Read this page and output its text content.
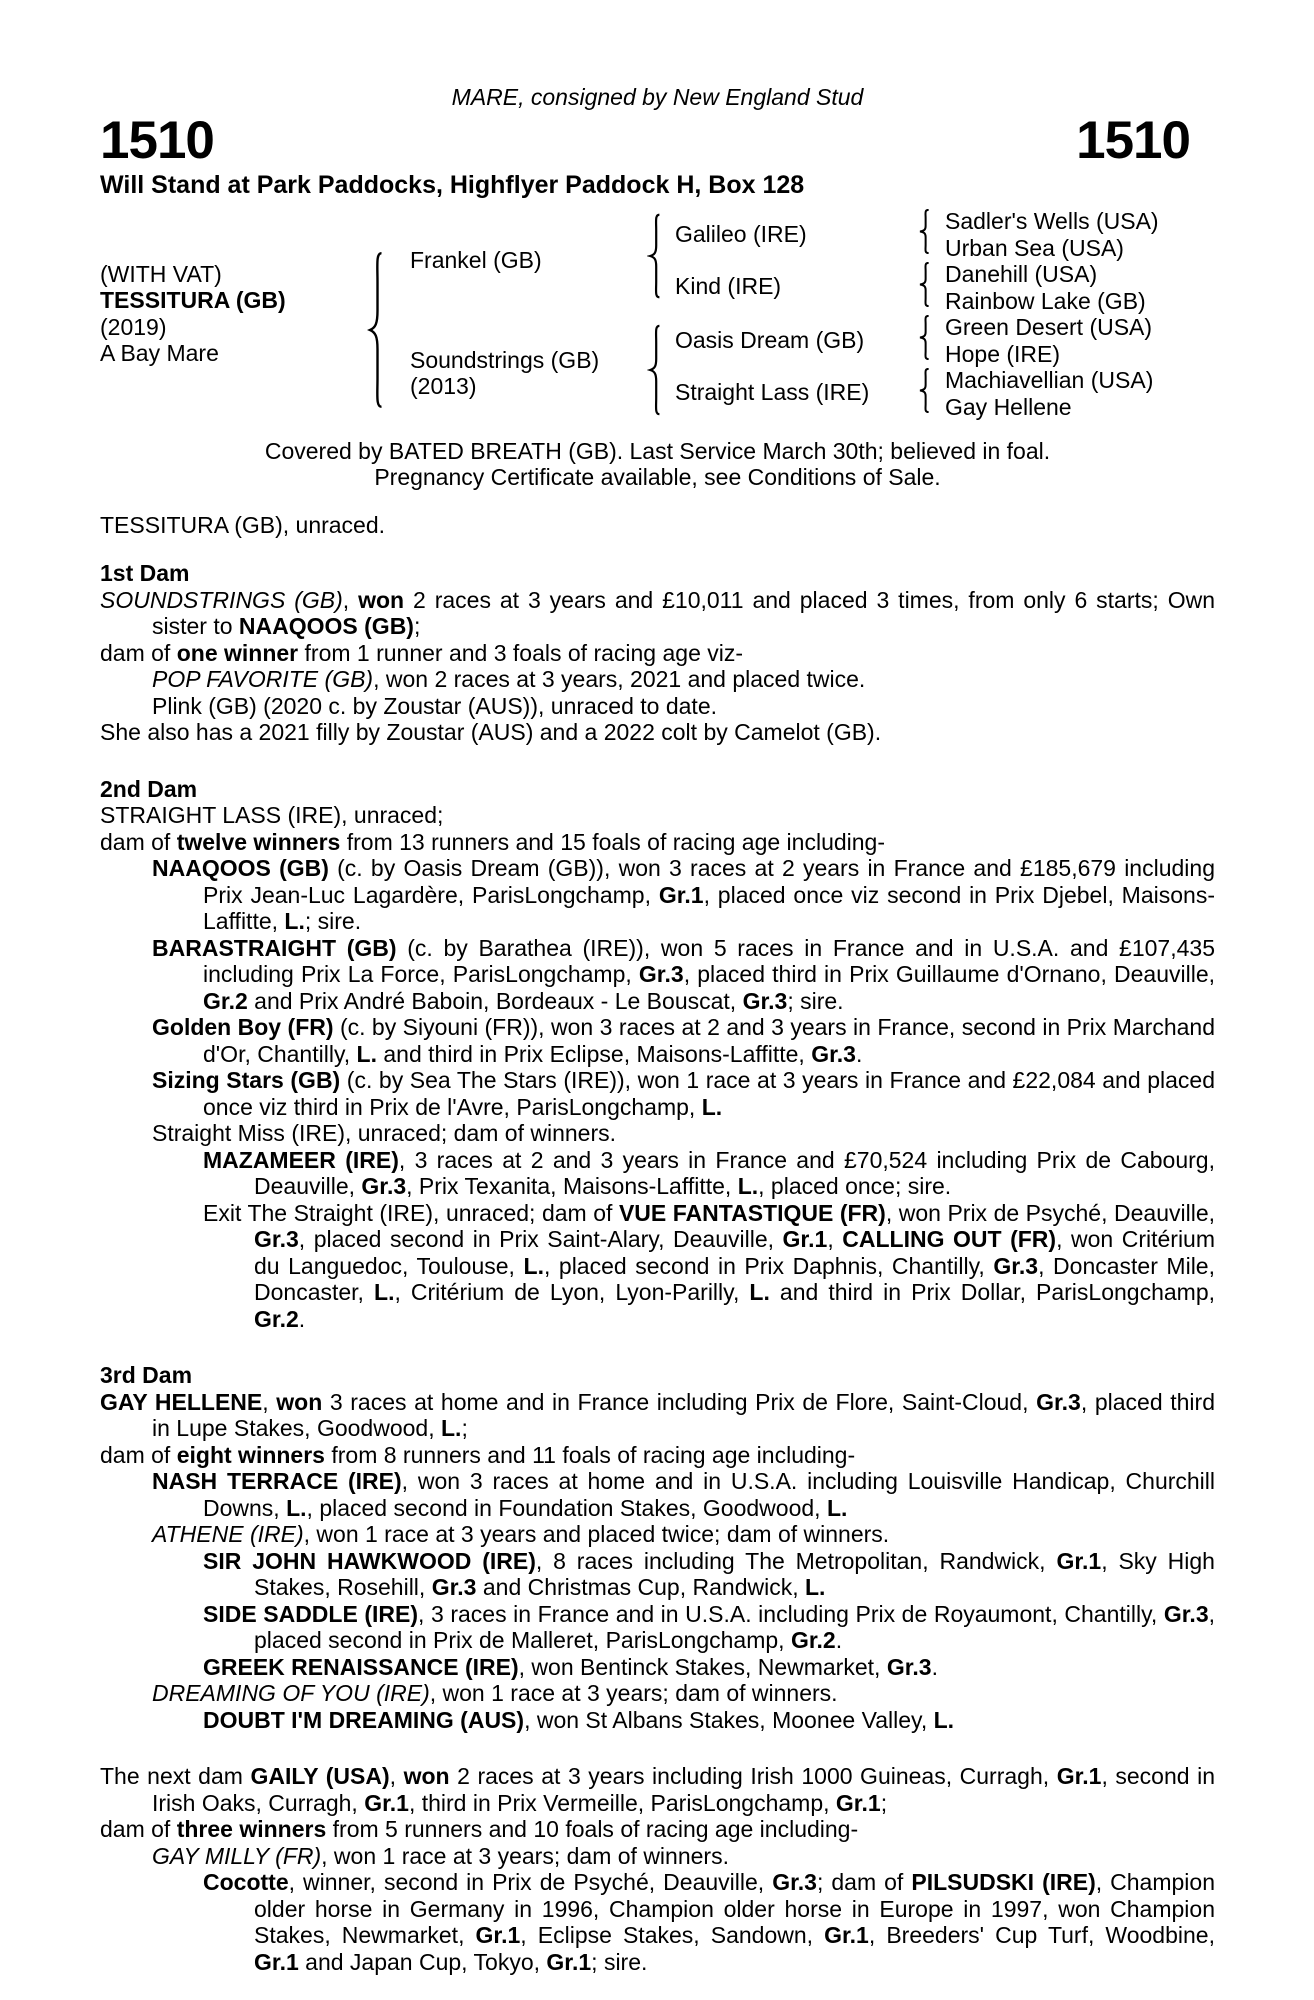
MARE, consigned by New England Stud
1510	1510
Will Stand at Park Paddocks, Highflyer Paddock H, Box 128
(WITH VAT)
TESSITURA (GB)
(2019)
A Bay Mare
Frankel (GB)
Soundstrings (GB)
(2013)
Galileo (IRE)
Kind (IRE)
Oasis Dream (GB)
Straight Lass (IRE)
Sadler's Wells (USA)
Urban Sea (USA)
Danehill (USA)
Rainbow Lake (GB)
Green Desert (USA)
Hope (IRE)
Machiavellian (USA)
Gay Hellene
Covered by BATED BREATH (GB). Last Service March 30th; believed in foal.
Pregnancy Certificate available, see Conditions of Sale.
TESSITURA (GB), unraced.
1st Dam
SOUNDSTRINGS (GB), won 2 races at 3 years and £10,011 and placed 3 times, from only 6 starts; Own sister to NAAQOOS (GB);
dam of one winner from 1 runner and 3 foals of racing age viz-
POP FAVORITE (GB), won 2 races at 3 years, 2021 and placed twice.
Plink (GB) (2020 c. by Zoustar (AUS)), unraced to date.
She also has a 2021 filly by Zoustar (AUS) and a 2022 colt by Camelot (GB).
2nd Dam
STRAIGHT LASS (IRE), unraced;
dam of twelve winners from 13 runners and 15 foals of racing age including-
NAAQOOS (GB) (c. by Oasis Dream (GB)), won 3 races at 2 years in France and £185,679 including Prix Jean-Luc Lagardère, ParisLongchamp, Gr.1, placed once viz second in Prix Djebel, Maisons-Laffitte, L.; sire.
BARASTRAIGHT (GB) (c. by Barathea (IRE)), won 5 races in France and in U.S.A. and £107,435 including Prix La Force, ParisLongchamp, Gr.3, placed third in Prix Guillaume d'Ornano, Deauville, Gr.2 and Prix André Baboin, Bordeaux - Le Bouscat, Gr.3; sire.
Golden Boy (FR) (c. by Siyouni (FR)), won 3 races at 2 and 3 years in France, second in Prix Marchand d'Or, Chantilly, L. and third in Prix Eclipse, Maisons-Laffitte, Gr.3.
Sizing Stars (GB) (c. by Sea The Stars (IRE)), won 1 race at 3 years in France and £22,084 and placed once viz third in Prix de l'Avre, ParisLongchamp, L.
Straight Miss (IRE), unraced; dam of winners.
MAZAMEER (IRE), 3 races at 2 and 3 years in France and £70,524 including Prix de Cabourg, Deauville, Gr.3, Prix Texanita, Maisons-Laffitte, L., placed once; sire.
Exit The Straight (IRE), unraced; dam of VUE FANTASTIQUE (FR), won Prix de Psyché, Deauville, Gr.3, placed second in Prix Saint-Alary, Deauville, Gr.1, CALLING OUT (FR), won Critérium du Languedoc, Toulouse, L., placed second in Prix Daphnis, Chantilly, Gr.3, Doncaster Mile, Doncaster, L., Critérium de Lyon, Lyon-Parilly, L. and third in Prix Dollar, ParisLongchamp, Gr.2.
3rd Dam
GAY HELLENE, won 3 races at home and in France including Prix de Flore, Saint-Cloud, Gr.3, placed third in Lupe Stakes, Goodwood, L.;
dam of eight winners from 8 runners and 11 foals of racing age including-
NASH TERRACE (IRE), won 3 races at home and in U.S.A. including Louisville Handicap, Churchill Downs, L., placed second in Foundation Stakes, Goodwood, L.
ATHENE (IRE), won 1 race at 3 years and placed twice; dam of winners.
SIR JOHN HAWKWOOD (IRE), 8 races including The Metropolitan, Randwick, Gr.1, Sky High Stakes, Rosehill, Gr.3 and Christmas Cup, Randwick, L.
SIDE SADDLE (IRE), 3 races in France and in U.S.A. including Prix de Royaumont, Chantilly, Gr.3, placed second in Prix de Malleret, ParisLongchamp, Gr.2.
GREEK RENAISSANCE (IRE), won Bentinck Stakes, Newmarket, Gr.3.
DREAMING OF YOU (IRE), won 1 race at 3 years; dam of winners.
DOUBT I'M DREAMING (AUS), won St Albans Stakes, Moonee Valley, L.
The next dam GAILY (USA), won 2 races at 3 years including Irish 1000 Guineas, Curragh, Gr.1, second in Irish Oaks, Curragh, Gr.1, third in Prix Vermeille, ParisLongchamp, Gr.1;
dam of three winners from 5 runners and 10 foals of racing age including-
GAY MILLY (FR), won 1 race at 3 years; dam of winners.
Cocotte, winner, second in Prix de Psyché, Deauville, Gr.3; dam of PILSUDSKI (IRE), Champion older horse in Germany in 1996, Champion older horse in Europe in 1997, won Champion Stakes, Newmarket, Gr.1, Eclipse Stakes, Sandown, Gr.1, Breeders' Cup Turf, Woodbine, Gr.1 and Japan Cup, Tokyo, Gr.1; sire.
